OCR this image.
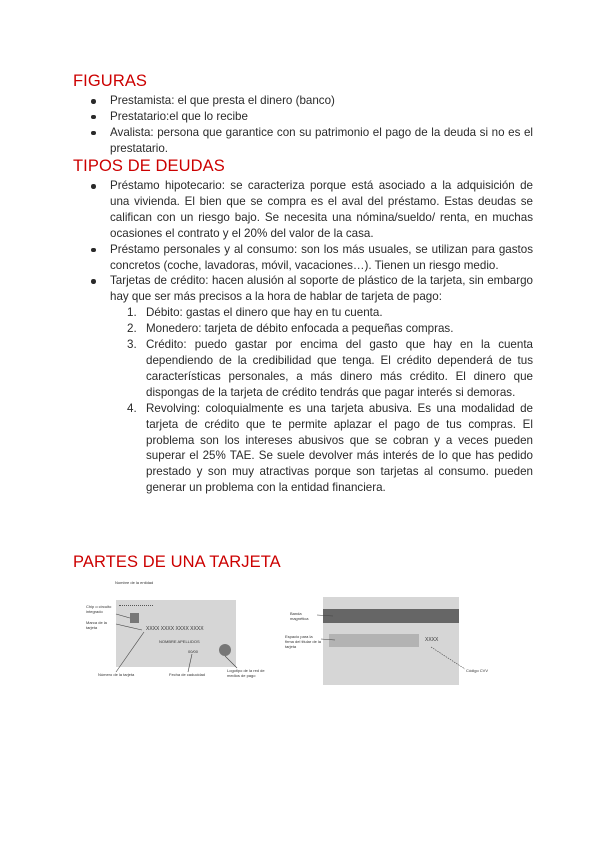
FIGURAS
Prestamista: el que presta el dinero (banco)
Prestatario:el que lo recibe
Avalista: persona que garantice con su patrimonio el pago de la deuda si no es el prestatario.
TIPOS DE DEUDAS
Préstamo hipotecario: se caracteriza porque está asociado a la adquisición de una vivienda. El bien que se compra es el aval del préstamo. Estas deudas se califican con un riesgo bajo. Se necesita una nómina/sueldo/ renta, en muchas ocasiones el contrato y el 20% del valor de la casa.
Préstamo personales y al consumo: son los más usuales, se utilizan para gastos concretos (coche, lavadoras, móvil, vacaciones…). Tienen un riesgo medio.
Tarjetas de crédito: hacen alusión al soporte de plástico de la tarjeta, sin embargo hay que ser más precisos a la hora de hablar de tarjeta de pago:
1. Débito: gastas el dinero que hay en tu cuenta.
2. Monedero: tarjeta de débito enfocada a pequeñas compras.
3. Crédito: puedo gastar por encima del gasto que hay en la cuenta dependiendo de la credibilidad que tenga. El crédito dependerá de tus características personales, a más dinero más crédito. El dinero que dispongas de la tarjeta de crédito tendrás que pagar interés si demoras.
4. Revolving: coloquialmente es una tarjeta abusiva. Es una modalidad de tarjeta de crédito que te permite aplazar el pago de tus compras. El problema son los intereses abusivos que se cobran y a veces pueden superar el 25% TAE. Se suele devolver más interés de lo que has pedido prestado y son muy atractivas porque son tarjetas al consumo. pueden generar un problema con la entidad financiera.
PARTES DE UNA TARJETA
Nombre de la entidad
Chip o circuito integrado
Marca de la tarjeta	XXXX XXXX XXXX XXXX
NOMBRE APELLIDOS
00/00
Número de la tarjeta	Fecha de caducidad
Logotipo de la red de medios de pago
XXXX
Banda magnética
Espacio para la firma del titular de la tarjeta
Código CVV
